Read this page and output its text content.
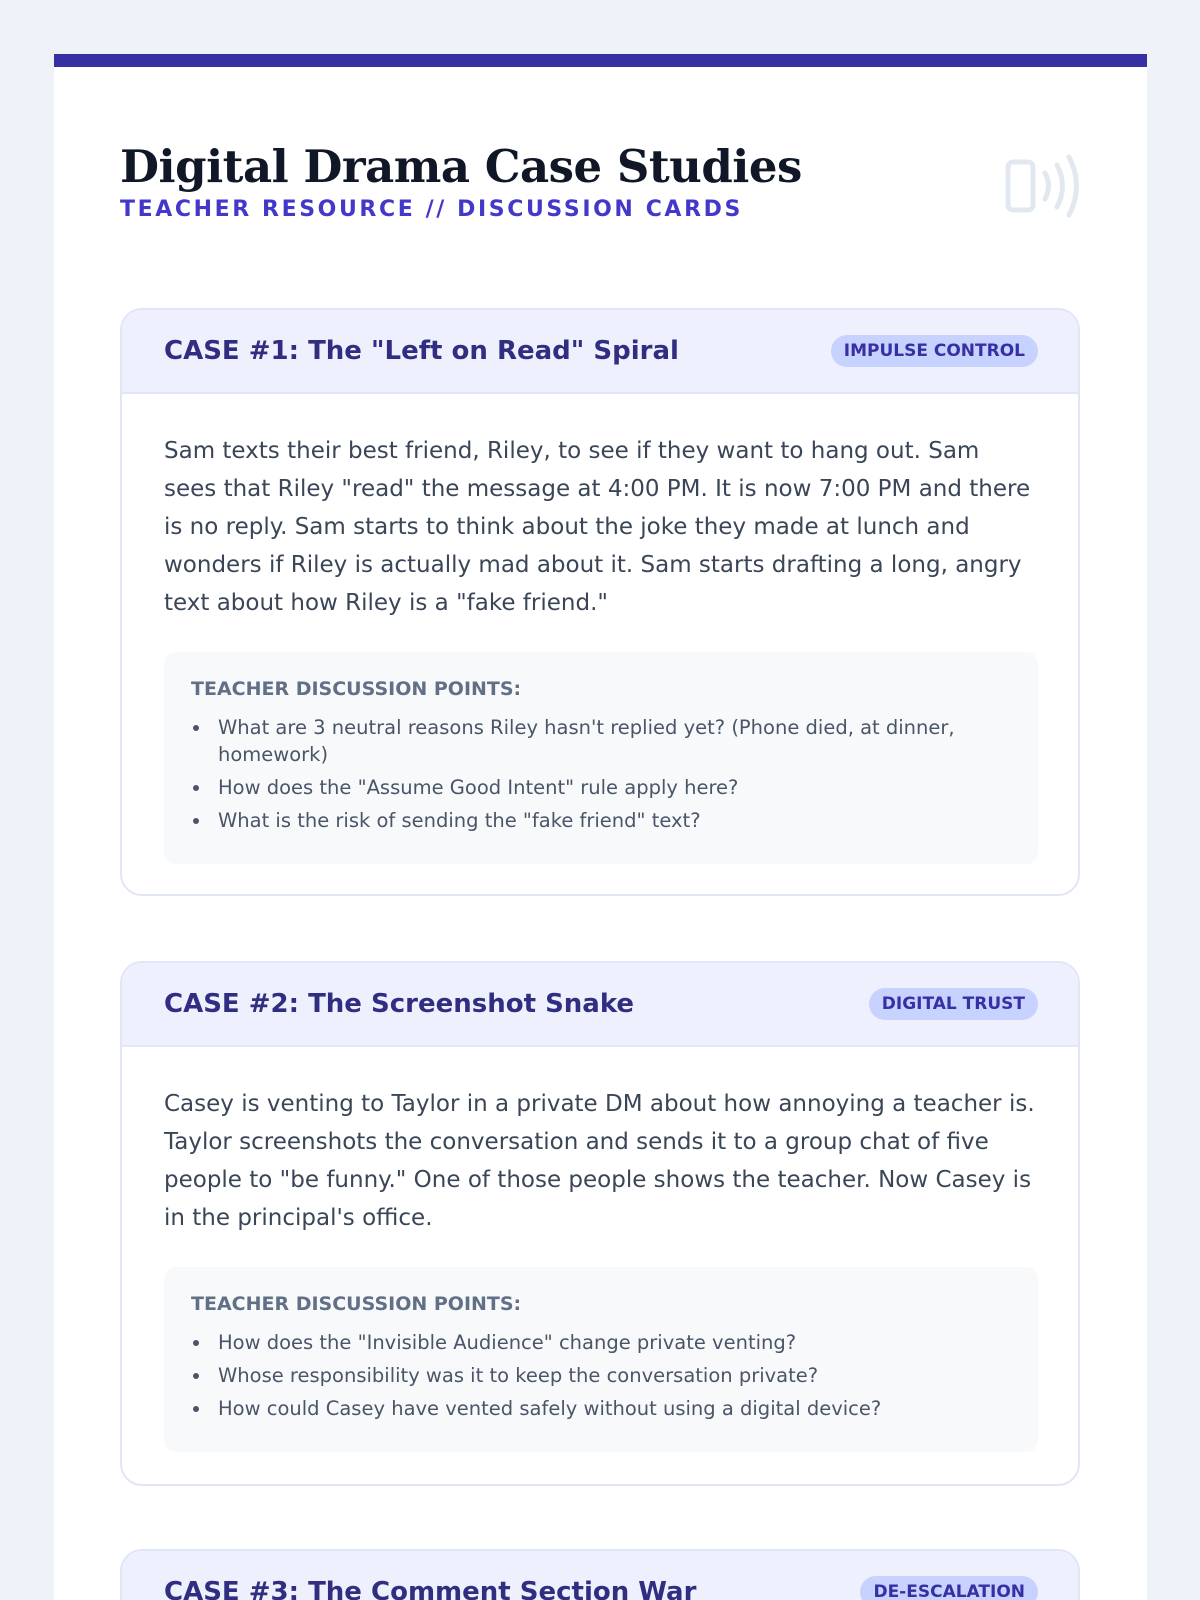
Digital Drama Case Studies
TEACHER RESOURCE // DISCUSSION CARDS
CASE #1: The "Left on Read" Spiral	IMPULSE CONTROL

Sam texts their best friend, Riley, to see if they want to hang out. Sam sees that Riley "read" the message at 4:00 PM. It is now 7:00 PM and there is no reply. Sam starts to think about the joke they made at lunch and wonders if Riley is actually mad about it. Sam starts drafting a long, angry text about how Riley is a "fake friend."

TEACHER DISCUSSION POINTS:
What are 3 neutral reasons Riley hasn't replied yet? (Phone died, at dinner, homework)
How does the "Assume Good Intent" rule apply here?
What is the risk of sending the "fake friend" text?
CASE #2: The Screenshot Snake	DIGITAL TRUST

Casey is venting to Taylor in a private DM about how annoying a teacher is. Taylor screenshots the conversation and sends it to a group chat of five people to "be funny." One of those people shows the teacher. Now Casey is in the principal's office.

TEACHER DISCUSSION POINTS:
How does the "Invisible Audience" change private venting?
Whose responsibility was it to keep the conversation private?
How could Casey have vented safely without using a digital device?
CASE #3: The Comment Section War	DE-ESCALATION
